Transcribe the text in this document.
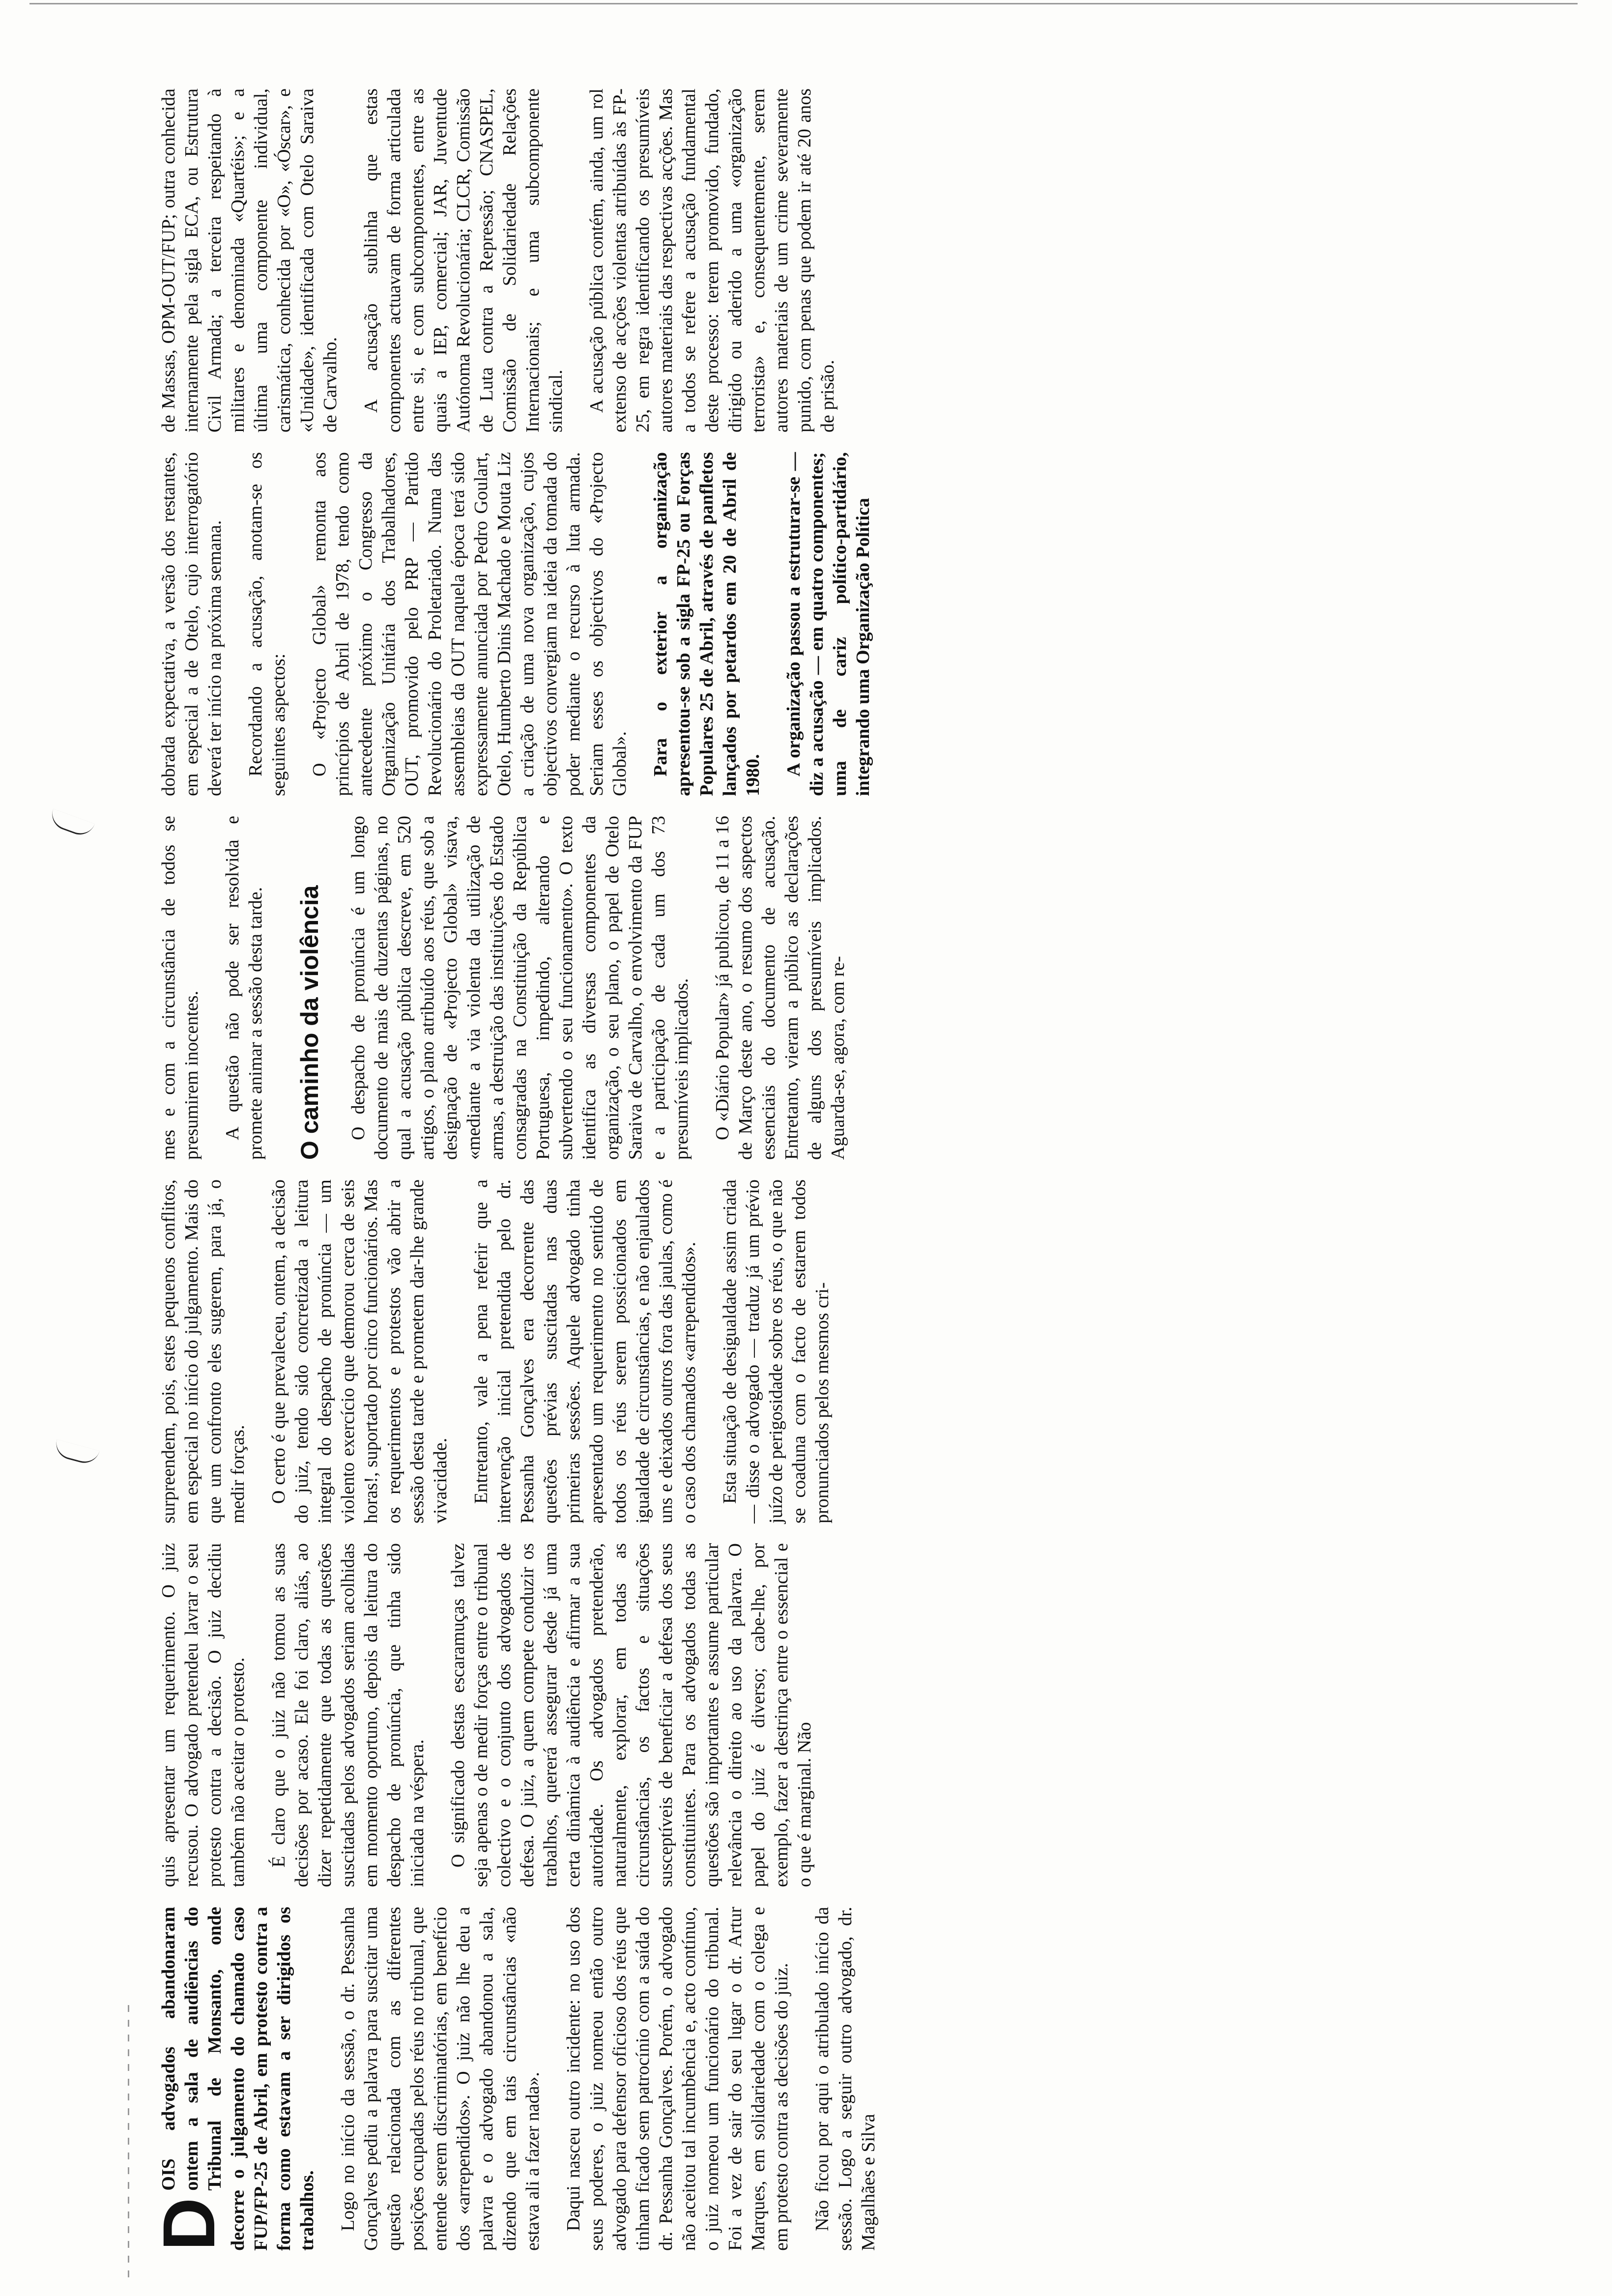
D
OIS advogados abandonaram ontem a sala de audiências do Tribunal de Monsanto, onde decorre o julgamento do chamado caso FUP/FP-25 de Abril, em protesto contra a forma como estavam a ser dirigidos os trabalhos. Logo no início da sessão, o dr. Pessanha Gonçalves pediu a palavra para suscitar uma questão relacionada com as diferentes posições ocupadas pelos réus no tribunal, que entende serem discriminatórias, em benefício dos «arrependidos». O juiz não lhe deu a palavra e o advogado abandonou a sala, dizendo que em tais circunstâncias «não estava ali a fazer nada». Daqui nasceu outro incidente: no uso dos seus poderes, o juiz nomeou então outro advogado para defensor oficioso dos réus que tinham ficado sem patrocínio com a saída do dr. Pessanha Gonçalves. Porém, o advogado não aceitou tal incumbência e, acto contínuo, o juiz nomeou um funcionário do tribunal. Foi a vez de sair do seu lugar o dr. Artur Marques, em solidariedade com o colega e em protesto contra as decisões do juiz. Não ficou por aqui o atribulado início da sessão. Logo a seguir outro advogado, dr. Magalhães e Silva

quis apresentar um requerimento. O juiz recusou. O advogado pretendeu lavrar o seu protesto contra a decisão. O juiz decidiu também não aceitar o protesto. É claro que o juiz não tomou as suas decisões por acaso. Ele foi claro, aliás, ao dizer repetidamente que todas as questões suscitadas pelos advogados seriam acolhidas em momento oportuno, depois da leitura do despacho de pronúncia, que tinha sido iniciada na véspera. O significado destas escaramuças talvez seja apenas o de medir forças entre o tribunal colectivo e o conjunto dos advogados de defesa. O juiz, a quem compete conduzir os trabalhos, quererá assegurar desde já uma certa dinâmica à audiência e afirmar a sua autoridade. Os advogados pretenderão, naturalmente, explorar, em todas as circunstâncias, os factos e situações susceptíveis de beneficiar a defesa dos seus constituintes. Para os advogados todas as questões são importantes e assume particular relevância o direito ao uso da palavra. O papel do juiz é diverso; cabe-lhe, por exemplo, fazer a destrinça entre o essencial e o que é marginal. Não

surpreendem, pois, estes pequenos conflitos, em especial no início do julgamento. Mais do que um confronto eles sugerem, para já, o medir forças. O certo é que prevaleceu, ontem, a decisão do juiz, tendo sido concretizada a leitura integral do despacho de pronúncia — um violento exercício que demorou cerca de seis horas!, suportado por cinco funcionários. Mas os requerimentos e protestos vão abrir a sessão desta tarde e prometem dar-lhe grande vivacidade. Entretanto, vale a pena referir que a intervenção inicial pretendida pelo dr. Pessanha Gonçalves era decorrente das questões prévias suscitadas nas duas primeiras sessões. Aquele advogado tinha apresentado um requerimento no sentido de todos os réus serem possicionados em igualdade de circunstâncias, e não enjaulados uns e deixados outros fora das jaulas, como é o caso dos chamados «arrependidos». Esta situação de desigualdade assim criada — disse o advogado — traduz já um prévio juízo de perigosidade sobre os réus, o que não se coaduna com o facto de estarem todos pronunciados pelos mesmos cri-

mes e com a circunstância de todos se presumirem inocentes. A questão não pode ser resolvida e promete animar a sessão desta tarde. O caminho da violência O despacho de pronúncia é um longo documento de mais de duzentas páginas, no qual a acusação pública descreve, em 520 artigos, o plano atribuído aos réus, que sob a designação de «Projecto Global» visava, «mediante a via violenta da utilização de armas, a destruição das instituições do Estado consagradas na Constituição da República Portuguesa, impedindo, alterando e subvertendo o seu funcionamento». O texto identifica as diversas componentes da organização, o seu plano, o papel de Otelo Saraiva de Carvalho, o envolvimento da FUP e a participação de cada um dos 73 presumíveis implicados. O «Diário Popular» já publicou, de 11 a 16 de Março deste ano, o resumo dos aspectos essenciais do documento de acusação. Entretanto, vieram a público as declarações de alguns dos presumíveis implicados. Aguarda-se, agora, com re-

dobrada expectativa, a versão dos restantes, em especial a de Otelo, cujo interrogatório deverá ter início na próxima semana. Recordando a acusação, anotam-se os seguintes aspectos: O «Projecto Global» remonta aos princípios de Abril de 1978, tendo como antecedente próximo o Congresso da Organização Unitária dos Trabalhadores, OUT, promovido pelo PRP — Partido Revolucionário do Proletariado. Numa das assembleias da OUT naquela época terá sido expressamente anunciada por Pedro Goulart, Otelo, Humberto Dinis Machado e Mouta Liz a criação de uma nova organização, cujos objectivos convergiam na ideia da tomada do poder mediante o recurso à luta armada. Seriam esses os objectivos do «Projecto Global». Para o exterior a organização apresentou-se sob a sigla FP-25 ou Forças Populares 25 de Abril, através de panfletos lançados por petardos em 20 de Abril de 1980. A organização passou a estruturar-se — diz a acusação — em quatro componentes; uma de cariz político-partidário, integrando uma Organização Política

de Massas, OPM-OUT/FUP; outra conhecida internamente pela sigla ECA, ou Estrutura Civil Armada; a terceira respeitando à militares e denominada «Quartéis»; e a última uma componente individual, carismática, conhecida por «O», «Óscar», e «Unidade», identificada com Otelo Saraiva de Carvalho. A acusação sublinha que estas componentes actuavam de forma articulada entre si, e com subcomponentes, entre as quais a IEP, comercial; JAR, Juventude Autónoma Revolucionária; CLCR, Comissão de Luta contra a Repressão; CNASPEL, Comissão de Solidariedade Relações Internacionais; e uma subcomponente sindical. A acusação pública contém, ainda, um rol extenso de acções violentas atribuídas às FP-25, em regra identificando os presumíveis autores materiais das respectivas acções. Mas a todos se refere a acusação fundamental deste processo: terem promovido, fundado, dirigido ou aderido a uma «organização terrorista» e, consequentemente, serem autores materiais de um crime severamente punido, com penas que podem ir até 20 anos de prisão.
